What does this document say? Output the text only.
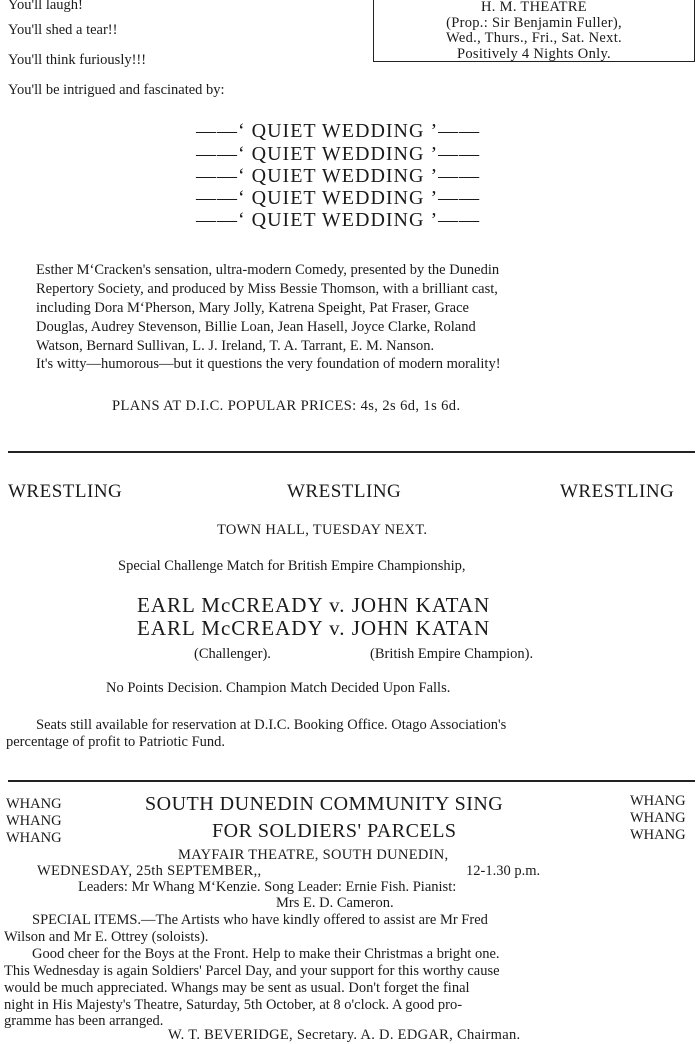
You'll laugh!
You'll shed a tear!!
You'll think furiously!!!
You'll be intrigued and fascinated by:
H. M. THEATRE
(Prop.: Sir Benjamin Fuller),
Wed., Thurs., Fri., Sat. Next.
Positively 4 Nights Only.
——‘ QUIET WEDDING ’——
——‘ QUIET WEDDING ’——
——‘ QUIET WEDDING ’——
——‘ QUIET WEDDING ’——
——‘ QUIET WEDDING ’——
Esther M‘Cracken's sensation, ultra-modern Comedy, presented by the Dunedin
Repertory Society, and produced by Miss Bessie Thomson, with a brilliant cast,
including Dora M‘Pherson, Mary Jolly, Katrena Speight, Pat Fraser, Grace
Douglas, Audrey Stevenson, Billie Loan, Jean Hasell, Joyce Clarke, Roland
Watson, Bernard Sullivan, L. J. Ireland, T. A. Tarrant, E. M. Nanson.
It's witty—humorous—but it questions the very foundation of modern morality!
PLANS AT D.I.C. POPULAR PRICES: 4s, 2s 6d, 1s 6d.
WRESTLING	WRESTLING	WRESTLING
TOWN HALL, TUESDAY NEXT.
Special Challenge Match for British Empire Championship,
EARL McCREADY v. JOHN KATAN
EARL McCREADY v. JOHN KATAN
(Challenger).	(British Empire Champion).
No Points Decision. Champion Match Decided Upon Falls.
Seats still available for reservation at D.I.C. Booking Office. Otago Association's
percentage of profit to Patriotic Fund.
WHANG
WHANG
WHANG
WHANG
WHANG
WHANG
SOUTH DUNEDIN COMMUNITY SING
FOR SOLDIERS' PARCELS
MAYFAIR THEATRE, SOUTH DUNEDIN,
WEDNESDAY, 25th SEPTEMBER,,	12-1.30 p.m.
Leaders: Mr Whang M‘Kenzie. Song Leader: Ernie Fish. Pianist:
Mrs E. D. Cameron.
SPECIAL ITEMS.—The Artists who have kindly offered to assist are Mr Fred
Wilson and Mr E. Ottrey (soloists).
Good cheer for the Boys at the Front. Help to make their Christmas a bright one.
This Wednesday is again Soldiers' Parcel Day, and your support for this worthy cause
would be much appreciated. Whangs may be sent as usual. Don't forget the final
night in His Majesty's Theatre, Saturday, 5th October, at 8 o'clock. A good pro-
gramme has been arranged.
W. T. BEVERIDGE, Secretary. A. D. EDGAR, Chairman.
